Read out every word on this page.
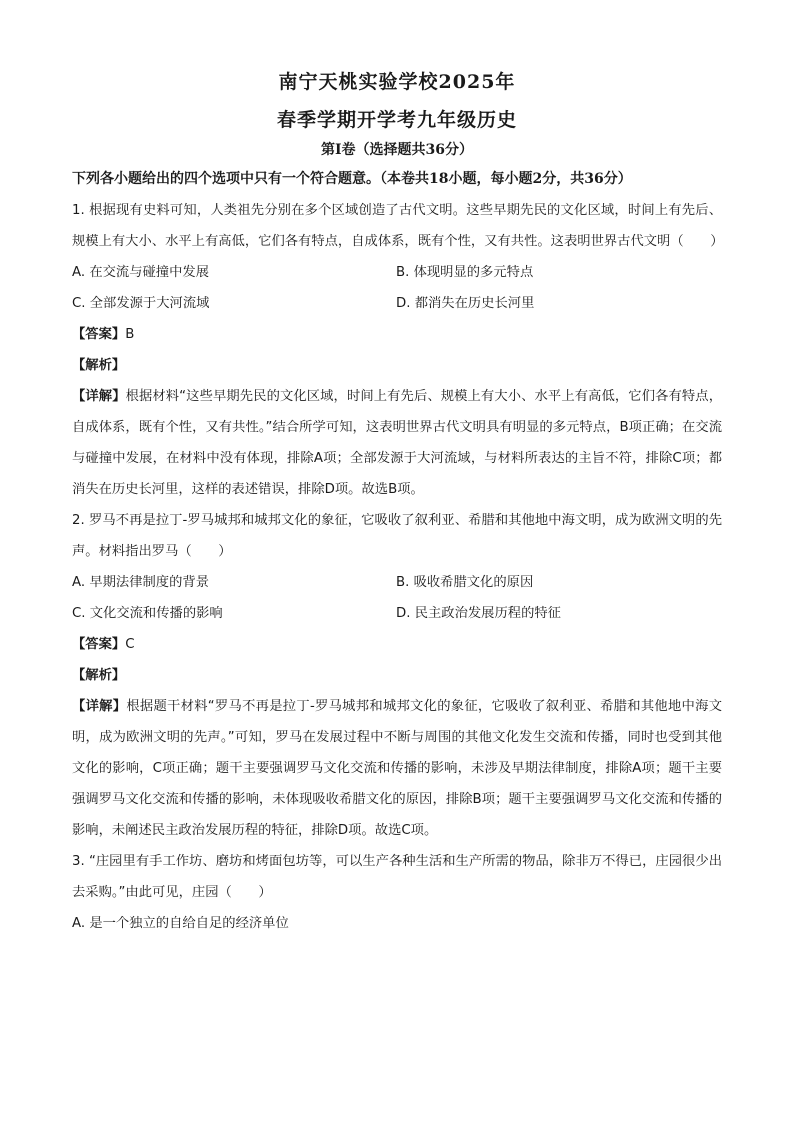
南宁天桃实验学校2025年
春季学期开学考九年级历史
第Ⅰ卷（选择题共36分）
下列各小题给出的四个选项中只有一个符合题意。（本卷共18小题，每小题2分，共36分）

1. 根据现有史料可知，人类祖先分别在多个区域创造了古代文明。这些早期先民的文化区域，时间上有先后、规模上有大小、水平上有高低，它们各有特点，自成体系，既有个性，又有共性。这表明世界古代文明（　　）

A. 在交流与碰撞中发展	B. 体现明显的多元特点
C. 全部发源于大河流域	D. 都消失在历史长河里

【答案】B

【解析】

【详解】根据材料“这些早期先民的文化区域，时间上有先后、规模上有大小、水平上有高低，它们各有特点，自成体系，既有个性，又有共性。”结合所学可知，这表明世界古代文明具有明显的多元特点，B项正确；在交流与碰撞中发展，在材料中没有体现，排除A项；全部发源于大河流域，与材料所表达的主旨不符，排除C项；都消失在历史长河里，这样的表述错误，排除D项。故选B项。

2. 罗马不再是拉丁-罗马城邦和城邦文化的象征，它吸收了叙利亚、希腊和其他地中海文明，成为欧洲文明的先声。材料指出罗马（　　）

A. 早期法律制度的背景	B. 吸收希腊文化的原因
C. 文化交流和传播的影响	D. 民主政治发展历程的特征

【答案】C

【解析】

【详解】根据题干材料“罗马不再是拉丁-罗马城邦和城邦文化的象征，它吸收了叙利亚、希腊和其他地中海文明，成为欧洲文明的先声。”可知，罗马在发展过程中不断与周围的其他文化发生交流和传播，同时也受到其他文化的影响，C项正确；题干主要强调罗马文化交流和传播的影响，未涉及早期法律制度，排除A项；题干主要强调罗马文化交流和传播的影响，未体现吸收希腊文化的原因，排除B项；题干主要强调罗马文化交流和传播的影响，未阐述民主政治发展历程的特征，排除D项。故选C项。

3. “庄园里有手工作坊、磨坊和烤面包坊等，可以生产各种生活和生产所需的物品，除非万不得已，庄园很少出去采购。”由此可见，庄园（　　）

A. 是一个独立的自给自足的经济单位
